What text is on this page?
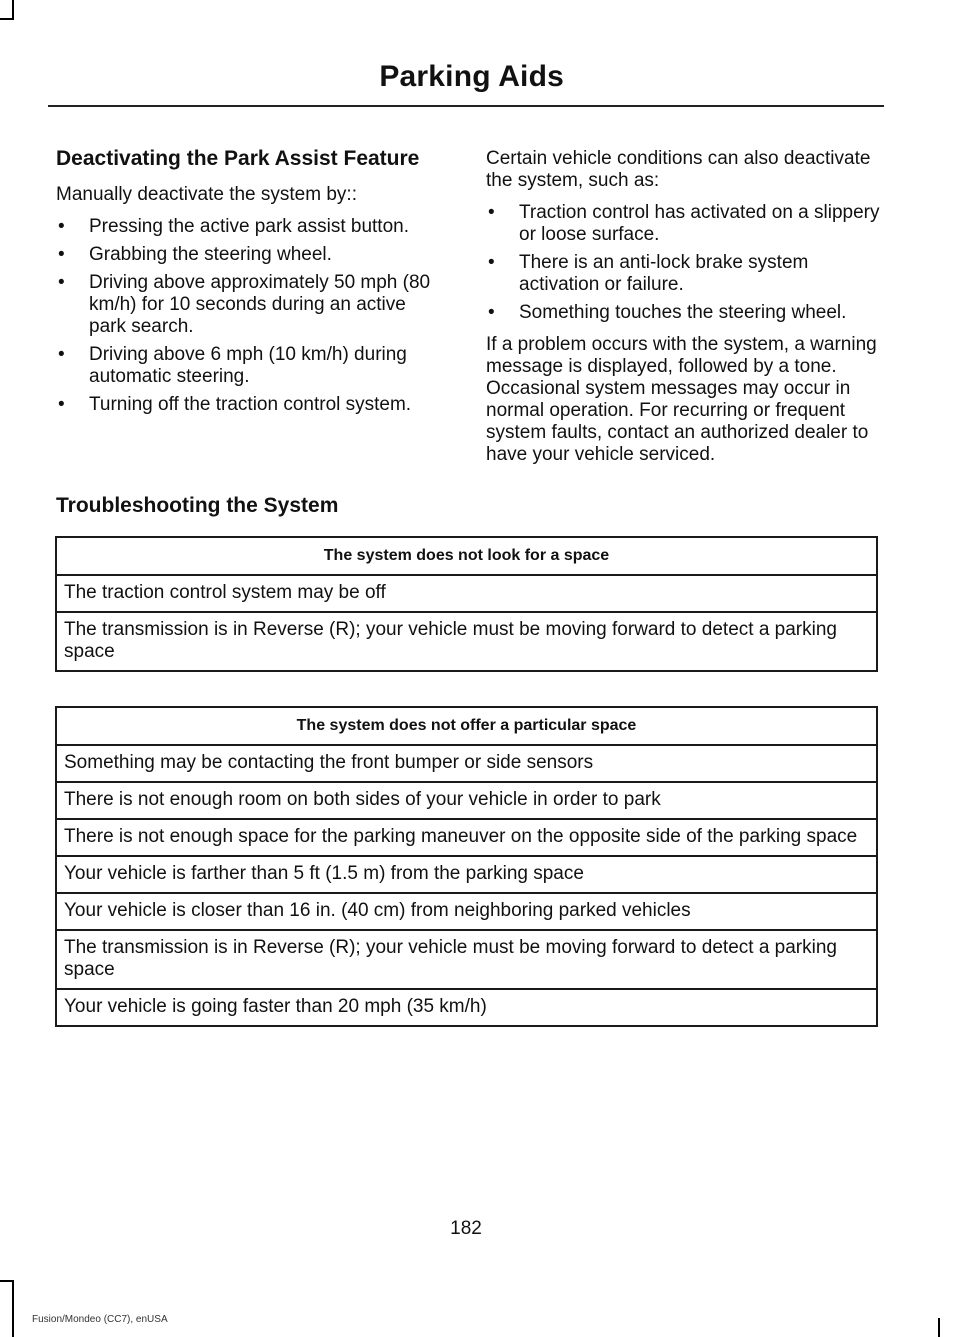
Parking Aids
Deactivating the Park Assist Feature

Manually deactivate the system by::

• Pressing the active park assist button.
• Grabbing the steering wheel.
• Driving above approximately 50 mph (80 km/h) for 10 seconds during an active park search.
• Driving above 6 mph (10 km/h) during automatic steering.
• Turning off the traction control system.

Certain vehicle conditions can also deactivate the system, such as:

• Traction control has activated on a slippery or loose surface.
• There is an anti-lock brake system activation or failure.
• Something touches the steering wheel.

If a problem occurs with the system, a warning message is displayed, followed by a tone. Occasional system messages may occur in normal operation. For recurring or frequent system faults, contact an authorized dealer to have your vehicle serviced.

Troubleshooting the System
The system does not look for a space
The traction control system may be off
The transmission is in Reverse (R); your vehicle must be moving forward to detect a parking space
The system does not offer a particular space
Something may be contacting the front bumper or side sensors
There is not enough room on both sides of your vehicle in order to park
There is not enough space for the parking maneuver on the opposite side of the parking space
Your vehicle is farther than 5 ft (1.5 m) from the parking space
Your vehicle is closer than 16 in. (40 cm) from neighboring parked vehicles
The transmission is in Reverse (R); your vehicle must be moving forward to detect a parking space
Your vehicle is going faster than 20 mph (35 km/h)
182
Fusion/Mondeo (CC7), enUSA
